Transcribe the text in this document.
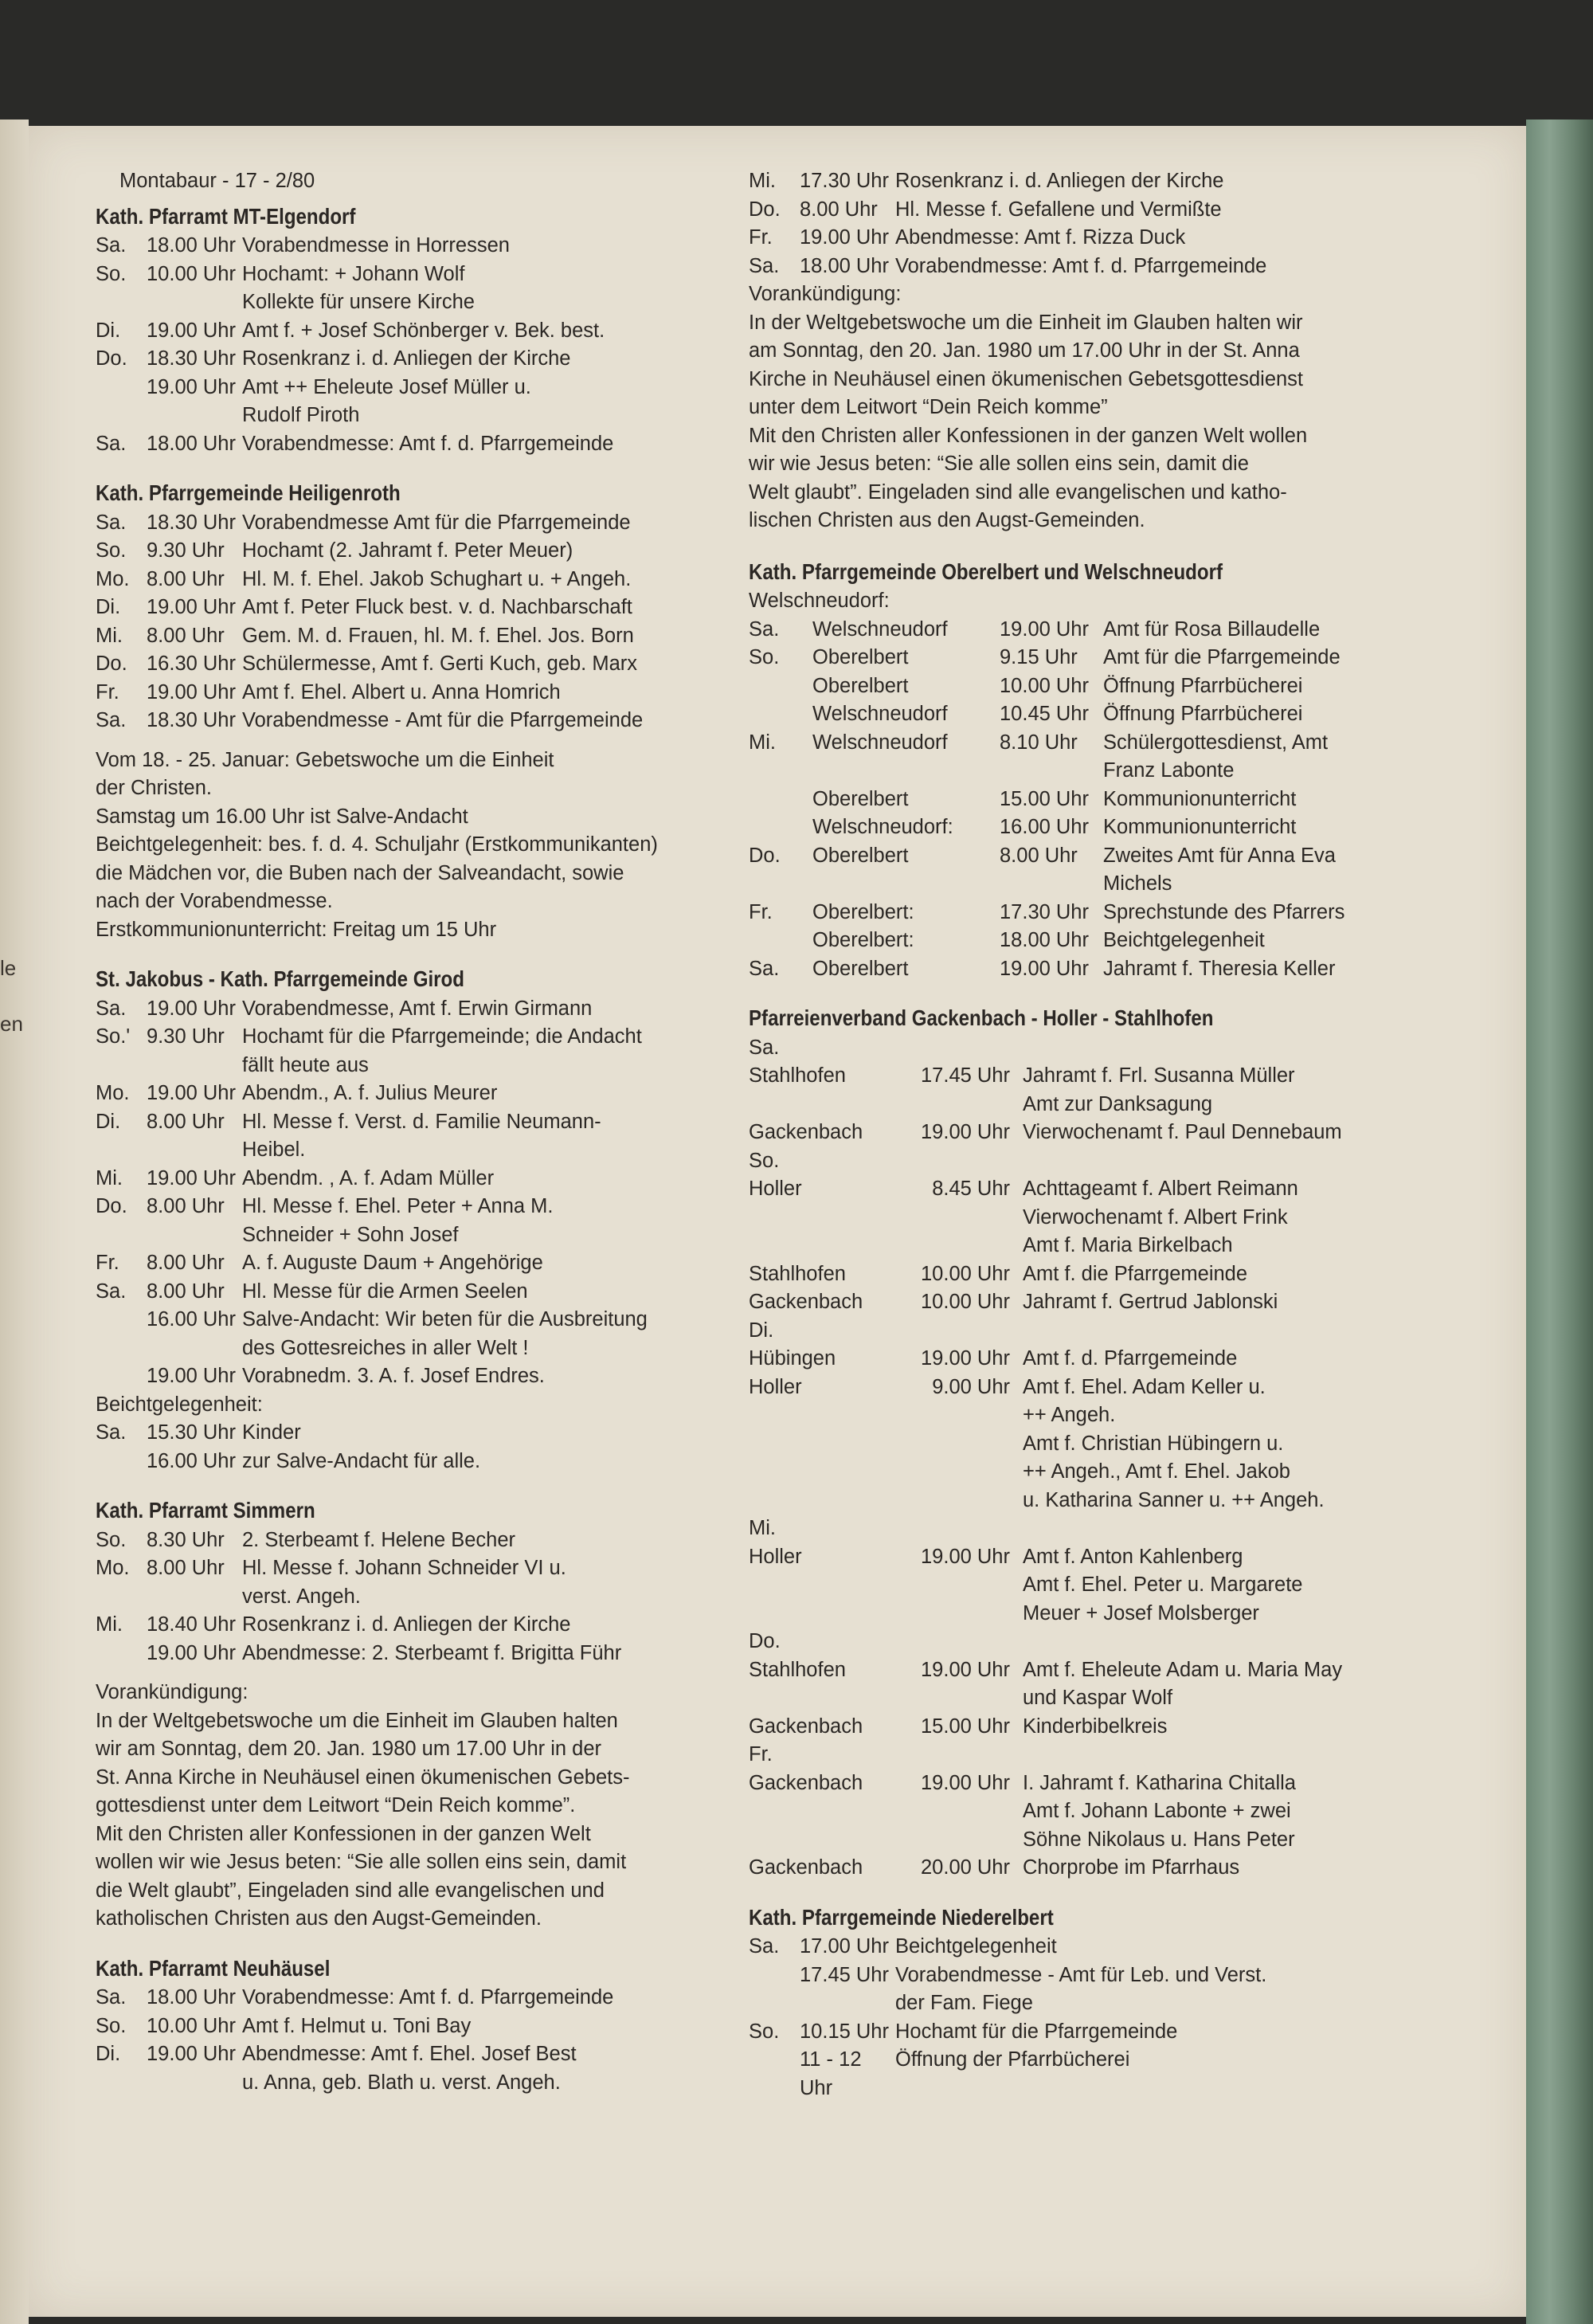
le
en
Montabaur - 17 - 2/80
Kath. Pfarramt MT-Elgendorf
Sa.	18.00 Uhr Vorabendmesse in Horressen
So.	10.00 Uhr Hochamt: + Johann Wolf
Kollekte für unsere Kirche
Di.	19.00 Uhr Amt f. + Josef Schönberger v. Bek. best.
Do. 18.30 Uhr Rosenkranz i. d. Anliegen der Kirche
19.00 Uhr Amt ++ Eheleute Josef Müller u.
Rudolf Piroth
Sa.	18.00 Uhr Vorabendmesse: Amt f. d. Pfarrgemeinde
Kath. Pfarrgemeinde Heiligenroth
Sa.	18.30 Uhr Vorabendmesse Amt für die Pfarrgemeinde
So.	9.30 Uhr Hochamt (2. Jahramt f. Peter Meuer)
Mo. 8.00 Uhr Hl. M. f. Ehel. Jakob Schughart u. + Angeh.
Di.	19.00 Uhr Amt f. Peter Fluck best. v. d. Nachbarschaft
Mi.	8.00 Uhr Gem. M. d. Frauen, hl. M. f. Ehel. Jos. Born
Do. 16.30 Uhr Schülermesse, Amt f. Gerti Kuch, geb. Marx
Fr.	19.00 Uhr Amt f. Ehel. Albert u. Anna Homrich
Sa.	18.30 Uhr Vorabendmesse - Amt für die Pfarrgemeinde
Vom 18. - 25. Januar: Gebetswoche um die Einheit
der Christen.
Samstag um 16.00 Uhr ist Salve-Andacht
Beichtgelegenheit: bes. f. d. 4. Schuljahr (Erstkommunikanten)
die Mädchen vor, die Buben nach der Salveandacht, sowie
nach der Vorabendmesse.
Erstkommunionunterricht: Freitag um 15 Uhr
St. Jakobus - Kath. Pfarrgemeinde Girod
Sa.	19.00 Uhr Vorabendmesse, Amt f. Erwin Girmann
So.' 9.30 Uhr Hochamt für die Pfarrgemeinde; die Andacht
fällt heute aus
Mo. 19.00 Uhr Abendm., A. f. Julius Meurer
Di.	8.00 Uhr Hl. Messe f. Verst. d. Familie Neumann-
Heibel.
Mi.	19.00 Uhr Abendm. , A. f. Adam Müller
Do. 8.00 Uhr Hl. Messe f. Ehel. Peter + Anna M.
Schneider + Sohn Josef
Fr.	8.00 Uhr A. f. Auguste Daum + Angehörige
Sa.	8.00 Uhr Hl. Messe für die Armen Seelen
16.00 Uhr Salve-Andacht: Wir beten für die Ausbreitung
des Gottesreiches in aller Welt !
19.00 Uhr Vorabnedm. 3. A. f. Josef Endres.
Beichtgelegenheit:
Sa.	15.30 Uhr Kinder
16.00 Uhr zur Salve-Andacht für alle.
Kath. Pfarramt Simmern
So.	8.30 Uhr 2. Sterbeamt f. Helene Becher
Mo. 8.00 Uhr Hl. Messe f. Johann Schneider VI u.
verst. Angeh.
Mi.	18.40 Uhr Rosenkranz i. d. Anliegen der Kirche
19.00 Uhr Abendmesse: 2. Sterbeamt f. Brigitta Führ
Vorankündigung:
In der Weltgebetswoche um die Einheit im Glauben halten
wir am Sonntag, dem 20. Jan. 1980 um 17.00 Uhr in der
St. Anna Kirche in Neuhäusel einen ökumenischen Gebets-
gottesdienst unter dem Leitwort “Dein Reich komme”.
Mit den Christen aller Konfessionen in der ganzen Welt
wollen wir wie Jesus beten: “Sie alle sollen eins sein, damit
die Welt glaubt”, Eingeladen sind alle evangelischen und
katholischen Christen aus den Augst-Gemeinden.
Kath. Pfarramt Neuhäusel
Sa.	18.00 Uhr Vorabendmesse: Amt f. d. Pfarrgemeinde
So.	10.00 Uhr Amt f. Helmut u. Toni Bay
Di.	19.00 Uhr Abendmesse: Amt f. Ehel. Josef Best
u. Anna, geb. Blath u. verst. Angeh.
Mi.	17.30 Uhr Rosenkranz i. d. Anliegen der Kirche
Do. 8.00 Uhr Hl. Messe f. Gefallene und Vermißte
Fr.	19.00 Uhr Abendmesse: Amt f. Rizza Duck
Sa.	18.00 Uhr Vorabendmesse: Amt f. d. Pfarrgemeinde
Vorankündigung:
In der Weltgebetswoche um die Einheit im Glauben halten wir
am Sonntag, den 20. Jan. 1980 um 17.00 Uhr in der St. Anna
Kirche in Neuhäusel einen ökumenischen Gebetsgottesdienst
unter dem Leitwort “Dein Reich komme”
Mit den Christen aller Konfessionen in der ganzen Welt wollen
wir wie Jesus beten: “Sie alle sollen eins sein, damit die
Welt glaubt”. Eingeladen sind alle evangelischen und katho-
lischen Christen aus den Augst-Gemeinden.
Kath. Pfarrgemeinde Oberelbert und Welschneudorf
Welschneudorf:
Sa.	Welschneudorf	19.00 Uhr Amt für Rosa Billaudelle
So.	Oberelbert	9.15 Uhr	Amt für die Pfarrgemeinde
Oberelbert	10.00 Uhr Öffnung Pfarrbücherei
Welschneudorf	10.45 Uhr Öffnung Pfarrbücherei
Mi.	Welschneudorf	8.10 Uhr	Schülergottesdienst, Amt
Franz Labonte
Oberelbert	15.00 Uhr Kommunionunterricht
Welschneudorf:	16.00 Uhr Kommunionunterricht
Do.	Oberelbert	8.00 Uhr	Zweites Amt für Anna Eva
Michels
Fr.	Oberelbert:	17.30 Uhr Sprechstunde des Pfarrers
Oberelbert:	18.00 Uhr Beichtgelegenheit
Sa.	Oberelbert	19.00 Uhr Jahramt f. Theresia Keller
Pfarreienverband Gackenbach - Holler - Stahlhofen
Sa.
Stahlhofen	17.45 Uhr Jahramt f. Frl. Susanna Müller
Amt zur Danksagung
Gackenbach	19.00 Uhr Vierwochenamt f. Paul Dennebaum
So.
Holler	8.45 Uhr Achttageamt f. Albert Reimann
Vierwochenamt f. Albert Frink
Amt f. Maria Birkelbach
Stahlhofen	10.00 Uhr Amt f. die Pfarrgemeinde
Gackenbach	10.00 Uhr Jahramt f. Gertrud Jablonski
Di.
Hübingen	19.00 Uhr Amt f. d. Pfarrgemeinde
Holler	9.00 Uhr Amt f. Ehel. Adam Keller u.
++ Angeh.
Amt f. Christian Hübingern u.
++ Angeh., Amt f. Ehel. Jakob
u. Katharina Sanner u. ++ Angeh.
Mi.
Holler	19.00 Uhr Amt f. Anton Kahlenberg
Amt f. Ehel. Peter u. Margarete
Meuer + Josef Molsberger
Do.
Stahlhofen	19.00 Uhr Amt f. Eheleute Adam u. Maria May
und Kaspar Wolf
Gackenbach	15.00 Uhr Kinderbibelkreis
Fr.
Gackenbach	19.00 Uhr I. Jahramt f. Katharina Chitalla
Amt f. Johann Labonte + zwei
Söhne Nikolaus u. Hans Peter
Gackenbach	20.00 Uhr Chorprobe im Pfarrhaus
Kath. Pfarrgemeinde Niederelbert
Sa.	17.00 Uhr Beichtgelegenheit
17.45 Uhr Vorabendmesse - Amt für Leb. und Verst.
der Fam. Fiege
So.	10.15 Uhr Hochamt für die Pfarrgemeinde
11 - 12 Uhr
Öffnung der Pfarrbücherei
